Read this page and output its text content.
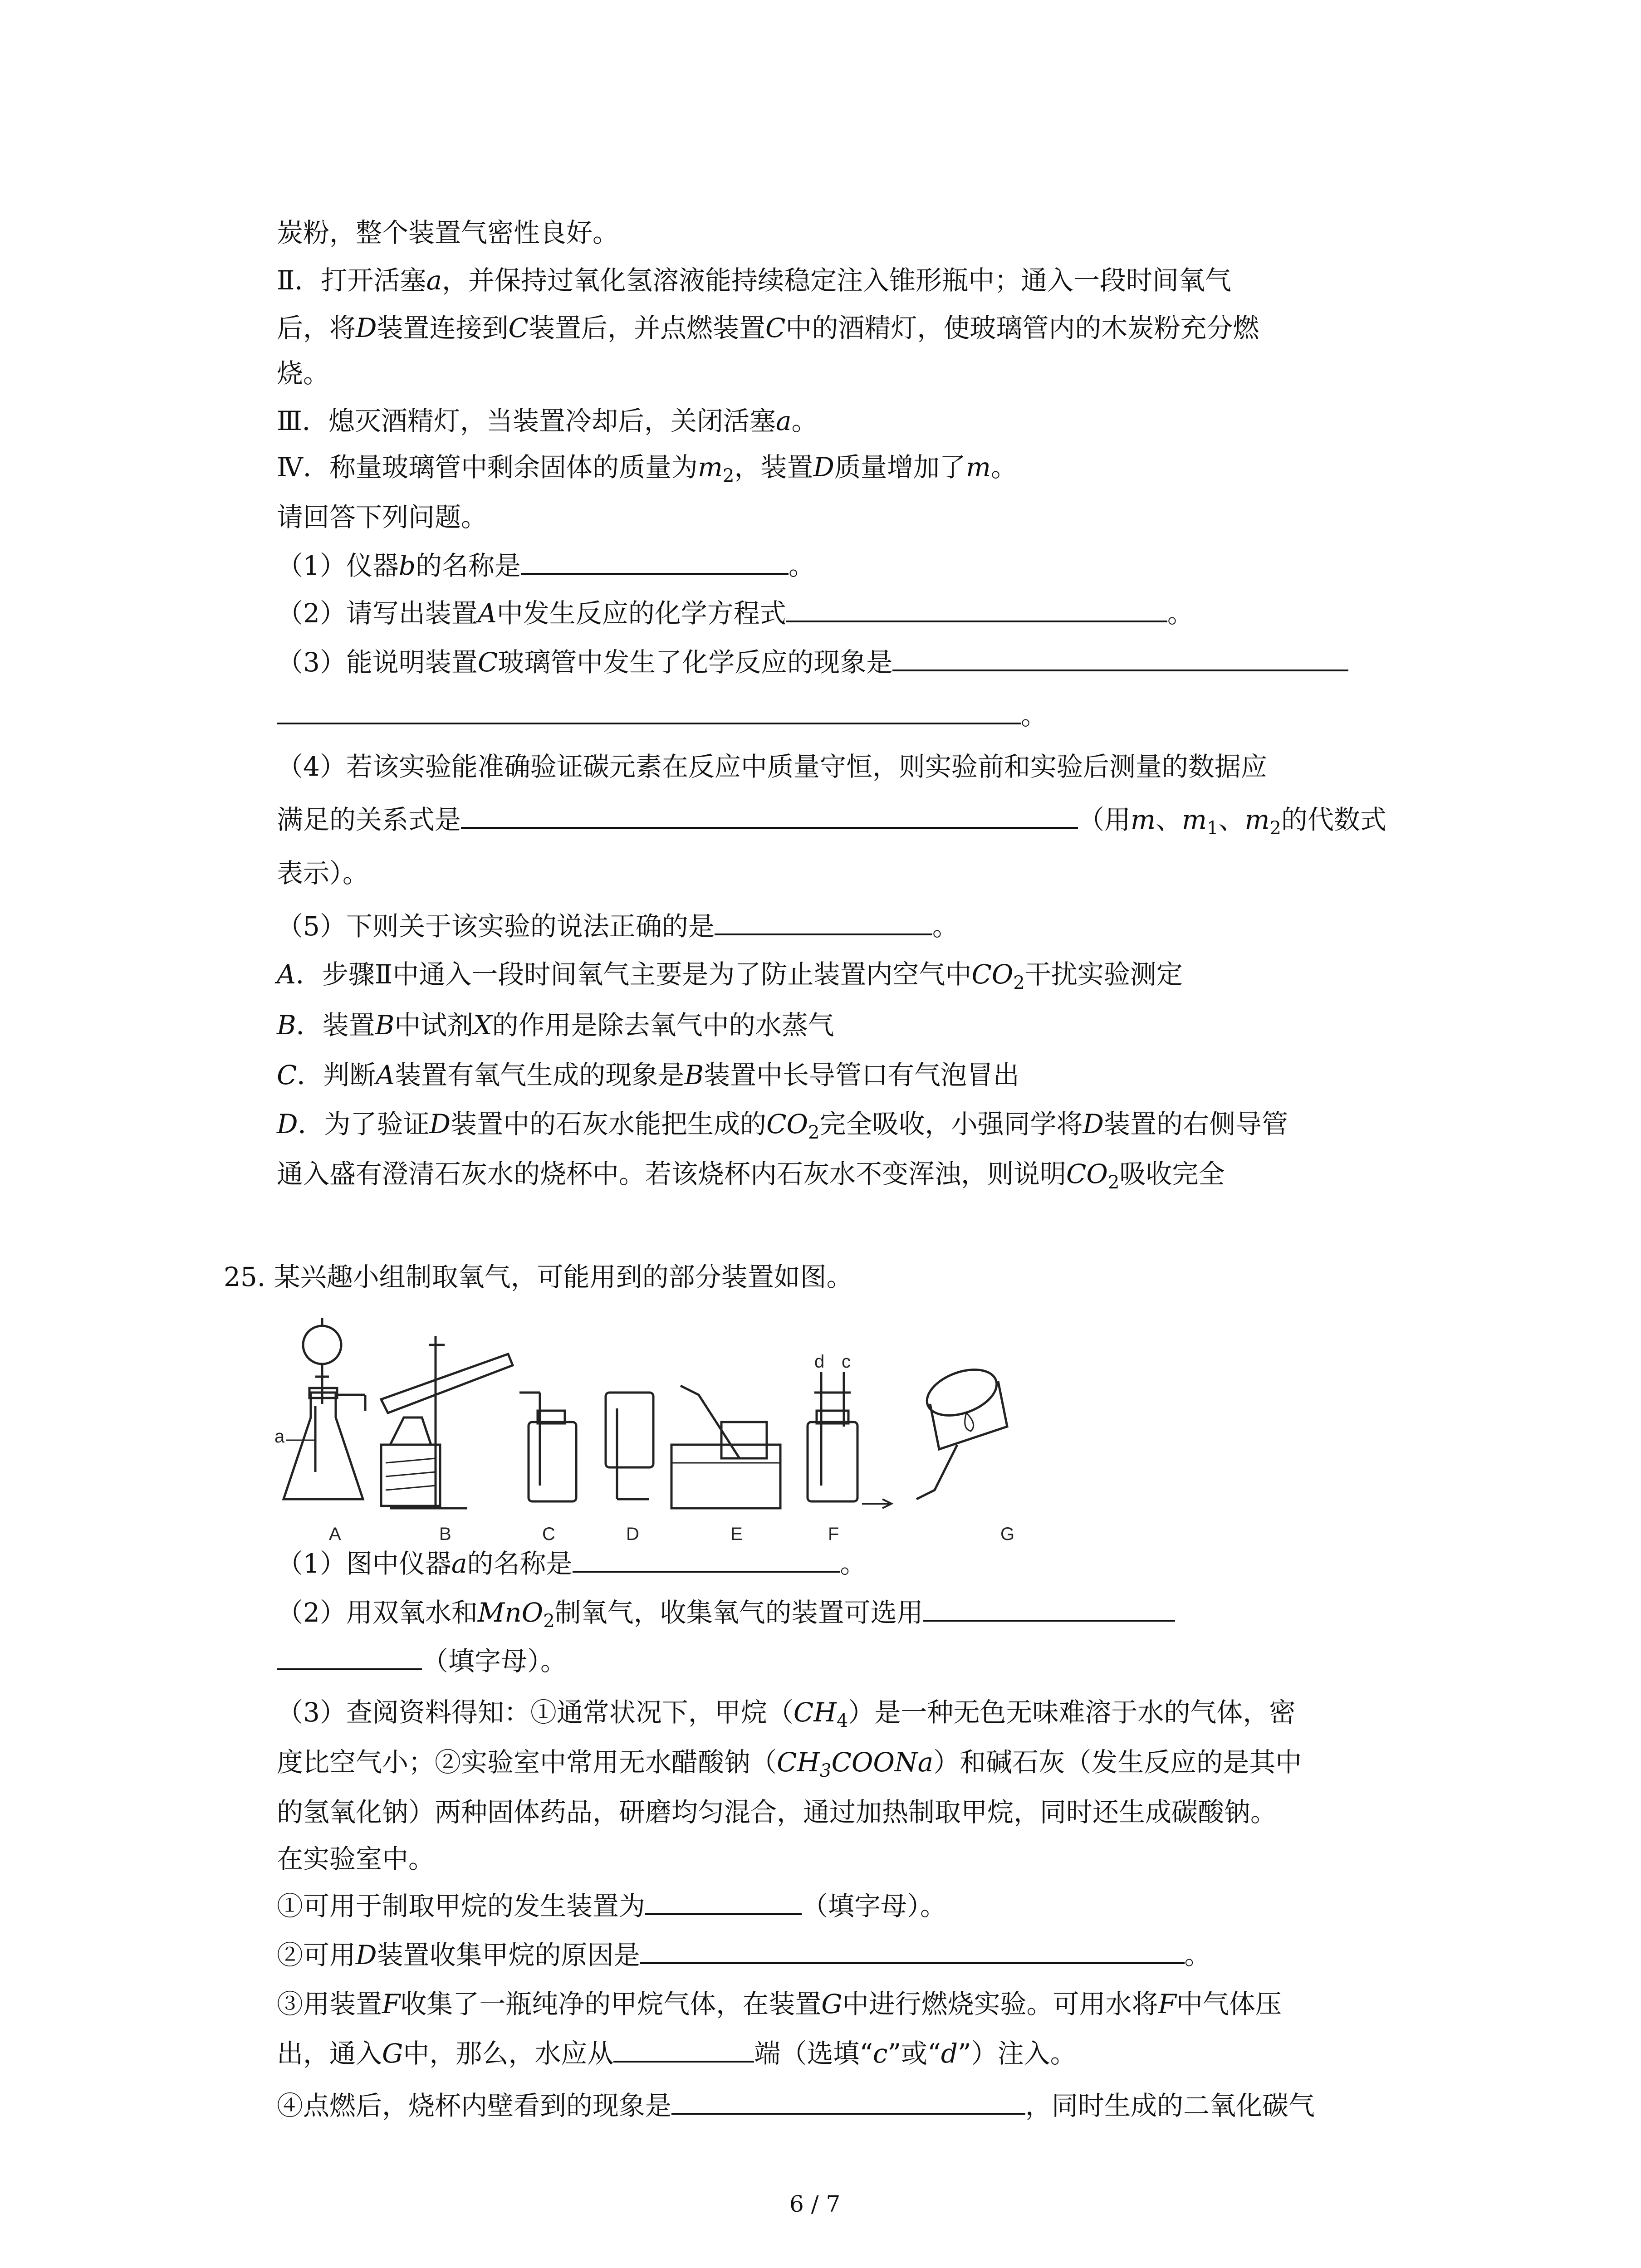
炭粉，整个装置气密性良好。
Ⅱ．打开活塞a，并保持过氧化氢溶液能持续稳定注入锥形瓶中；通入一段时间氧气
后，将D装置连接到C装置后，并点燃装置C中的酒精灯，使玻璃管内的木炭粉充分燃
烧。
Ⅲ．熄灭酒精灯，当装置冷却后，关闭活塞a。
Ⅳ．称量玻璃管中剩余固体的质量为$m_2$，装置D质量增加了m。
请回答下列问题。
（1）仪器b的名称是	。
（2）请写出装置A中发生反应的化学方程式	。
（3）能说明装置C玻璃管中发生了化学反应的现象是
。
（4）若该实验能准确验证碳元素在反应中质量守恒，则实验前和实验后测量的数据应
满足的关系式是	（用m、$m_1$、$m_2$的代数式
表示）。
（5）下则关于该实验的说法正确的是	。
A．步骤Ⅱ中通入一段时间氧气主要是为了防止装置内空气中$CO_2$干扰实验测定
B．装置B中试剂X的作用是除去氧气中的水蒸气
C．判断A装置有氧气生成的现象是B装置中长导管口有气泡冒出
D．为了验证D装置中的石灰水能把生成的$CO_2$完全吸收，小强同学将D装置的右侧导管
通入盛有澄清石灰水的烧杯中。若该烧杯内石灰水不变浑浊，则说明$CO_2$吸收完全
25. 某兴趣小组制取氧气，可能用到的部分装置如图。
a
d c
A	B	C	D	E	F	G
（1）图中仪器a的名称是	。
（2）用双氧水和MnO$_2$制氧气，收集氧气的装置可选用
（填字母）。
（3）查阅资料得知：①通常状况下，甲烷$(CH_4)$是一种无色无味难溶于水的气体，密
度比空气小；②实验室中常用无水醋酸钠$(CH_3COONa)$和碱石灰（发生反应的是其中
的氢氧化钠）两种固体药品，研磨均匀混合，通过加热制取甲烷，同时还生成碳酸钠。
在实验室中。
①可用于制取甲烷的发生装置为	（填字母）。
②可用D装置收集甲烷的原因是	。
③用装置F收集了一瓶纯净的甲烷气体，在装置G中进行燃烧实验。可用水将F中气体压
出，通入G中，那么，水应从	端（选填“c”或“d”）注入。
④点燃后，烧杯内壁看到的现象是	，同时生成的二氧化碳气
6 / 7
